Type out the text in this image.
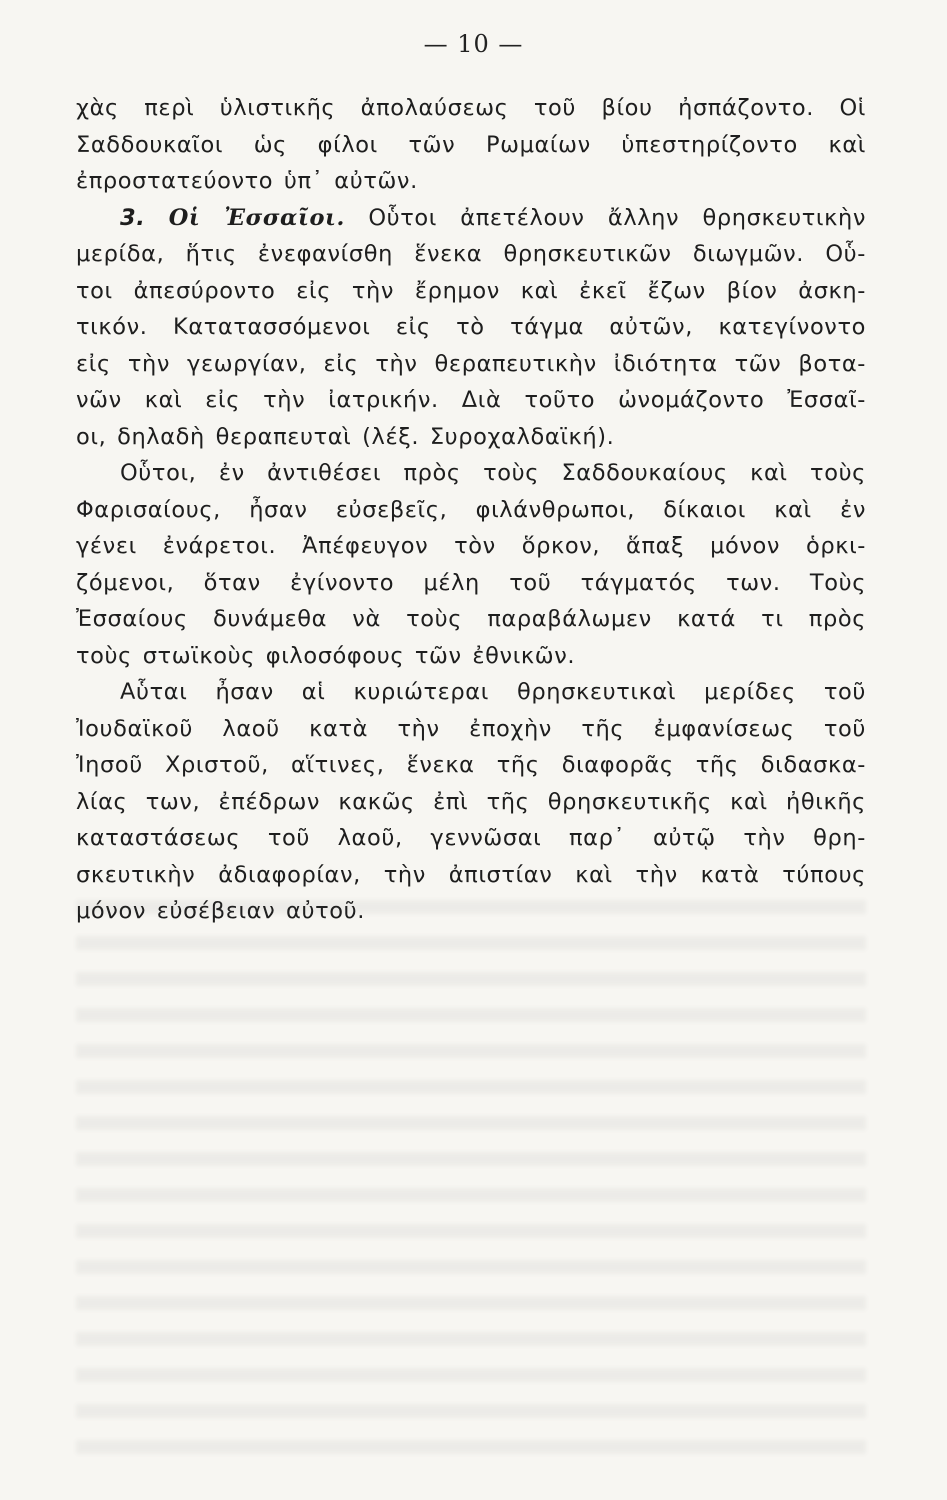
— 10 —
χὰς περὶ ὑλιστικῆς ἀπολαύσεως τοῦ βίου ἠσπάζοντο. Οἱ
Σαδδουκαῖοι ὡς φίλοι τῶν Ρωμαίων ὑπεστηρίζοντο καὶ
ἐπροστατεύοντο ὑπ᾽ αὐτῶν.
3. Οἱ Ἐσσαῖοι. Οὗτοι ἀπετέλουν ἄλλην θρησκευτικὴν
μερίδα, ἥτις ἐνεφανίσθη ἕνεκα θρησκευτικῶν διωγμῶν. Οὗ-
τοι ἀπεσύροντο εἰς τὴν ἔρημον καὶ ἐκεῖ ἔζων βίον ἀσκη-
τικόν. Κατατασσόμενοι εἰς τὸ τάγμα αὐτῶν, κατεγίνοντο
εἰς τὴν γεωργίαν, εἰς τὴν θεραπευτικὴν ἰδιότητα τῶν βοτα-
νῶν καὶ εἰς τὴν ἰατρικήν. Διὰ τοῦτο ὠνομάζοντο Ἐσσαῖ-
οι, δηλαδὴ θεραπευταὶ (λέξ. Συροχαλδαϊκή).
Οὗτοι, ἐν ἀντιθέσει πρὸς τοὺς Σαδδουκαίους καὶ τοὺς
Φαρισαίους, ἦσαν εὐσεβεῖς, φιλάνθρωποι, δίκαιοι καὶ ἐν
γένει ἐνάρετοι. Ἀπέφευγον τὸν ὅρκον, ἅπαξ μόνον ὁρκι-
ζόμενοι, ὅταν ἐγίνοντο μέλη τοῦ τάγματός των. Τοὺς
Ἐσσαίους δυνάμεθα νὰ τοὺς παραβάλωμεν κατά τι πρὸς
τοὺς στωϊκοὺς φιλοσόφους τῶν ἐθνικῶν.
Αὗται ἦσαν αἱ κυριώτεραι θρησκευτικαὶ μερίδες τοῦ
Ἰουδαϊκοῦ λαοῦ κατὰ τὴν ἐποχὴν τῆς ἐμφανίσεως τοῦ
Ἰησοῦ Χριστοῦ, αἵτινες, ἕνεκα τῆς διαφορᾶς τῆς διδασκα-
λίας των, ἐπέδρων κακῶς ἐπὶ τῆς θρησκευτικῆς καὶ ἠθικῆς
καταστάσεως τοῦ λαοῦ, γεννῶσαι παρ᾽ αὐτῷ τὴν θρη-
σκευτικὴν ἀδιαφορίαν, τὴν ἀπιστίαν καὶ τὴν κατὰ τύπους
μόνον εὐσέβειαν αὐτοῦ.
